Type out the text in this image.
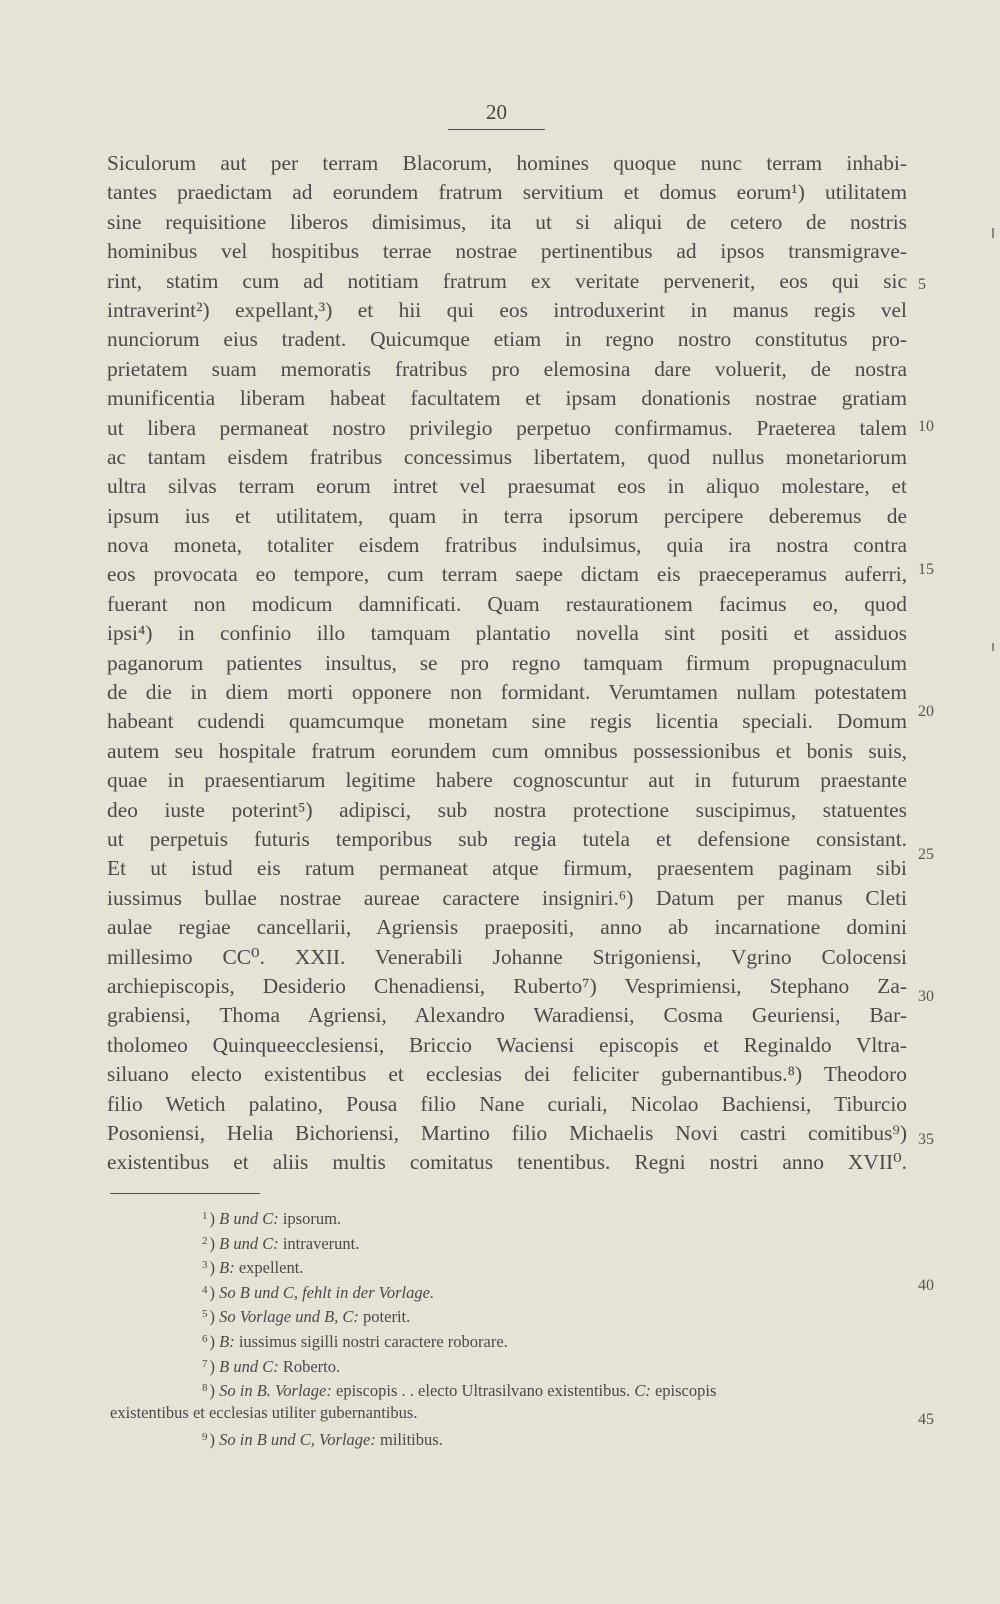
20
Siculorum aut per terram Blacorum, homines quoque nunc terram inhabi-
tantes praedictam ad eorundem fratrum servitium et domus eorum¹) utilitatem
sine requisitione liberos dimisimus, ita ut si aliqui de cetero de nostris
hominibus vel hospitibus terrae nostrae pertinentibus ad ipsos transmigrave-
rint, statim cum ad notitiam fratrum ex veritate pervenerit, eos qui sic
intraverint²) expellant,³) et hii qui eos introduxerint in manus regis vel
nunciorum eius tradent. Quicumque etiam in regno nostro constitutus pro-
prietatem suam memoratis fratribus pro elemosina dare voluerit, de nostra
munificentia liberam habeat facultatem et ipsam donationis nostrae gratiam
ut libera permaneat nostro privilegio perpetuo confirmamus. Praeterea talem
ac tantam eisdem fratribus concessimus libertatem, quod nullus monetariorum
ultra silvas terram eorum intret vel praesumat eos in aliquo molestare, et
ipsum ius et utilitatem, quam in terra ipsorum percipere deberemus de
nova moneta, totaliter eisdem fratribus indulsimus, quia ira nostra contra
eos provocata eo tempore, cum terram saepe dictam eis praeceperamus auferri,
fuerant non modicum damnificati. Quam restaurationem facimus eo, quod
ipsi⁴) in confinio illo tamquam plantatio novella sint positi et assiduos
paganorum patientes insultus, se pro regno tamquam firmum propugnaculum
de die in diem morti opponere non formidant. Verumtamen nullam potestatem
habeant cudendi quamcumque monetam sine regis licentia speciali. Domum
autem seu hospitale fratrum eorundem cum omnibus possessionibus et bonis suis,
quae in praesentiarum legitime habere cognoscuntur aut in futurum praestante
deo iuste poterint⁵) adipisci, sub nostra protectione suscipimus, statuentes
ut perpetuis futuris temporibus sub regia tutela et defensione consistant.
Et ut istud eis ratum permaneat atque firmum, praesentem paginam sibi
iussimus bullae nostrae aureae caractere insigniri.⁶) Datum per manus Cleti
aulae regiae cancellarii, Agriensis praepositi, anno ab incarnatione domini
millesimo CC⁰. XXII. Venerabili Johanne Strigoniensi, Vgrino Colocensi
archiepiscopis, Desiderio Chenadiensi, Ruberto⁷) Vesprimiensi, Stephano Za-
grabiensi, Thoma Agriensi, Alexandro Waradiensi, Cosma Geuriensi, Bar-
tholomeo Quinqueecclesiensi, Briccio Waciensi episcopis et Reginaldo Vltra-
siluano electo existentibus et ecclesias dei feliciter gubernantibus.⁸) Theodoro
filio Wetich palatino, Pousa filio Nane curiali, Nicolao Bachiensi, Tiburcio
Posoniensi, Helia Bichoriensi, Martino filio Michaelis Novi castri comitibus⁹)
existentibus et aliis multis comitatus tenentibus. Regni nostri anno XVII⁰.
5
10
15
20
25
30
35
40
45
$^1$ ) B und C: ipsorum.
$^2$ ) B und C: intraverunt.
$^3$ ) B: expellent.
$^4$ ) So B und C, fehlt in der Vorlage.
$^5$ ) So Vorlage und B, C: poterit.
$^6$ ) B: iussimus sigilli nostri caractere roborare.
$^7$ ) B und C: Roberto.
$^8$ ) So in B. Vorlage: episcopis . . electo Ultrasilvano existentibus. C: episcopis
existentibus et ecclesias utiliter gubernantibus.
$^9$ ) So in B und C, Vorlage: militibus.
